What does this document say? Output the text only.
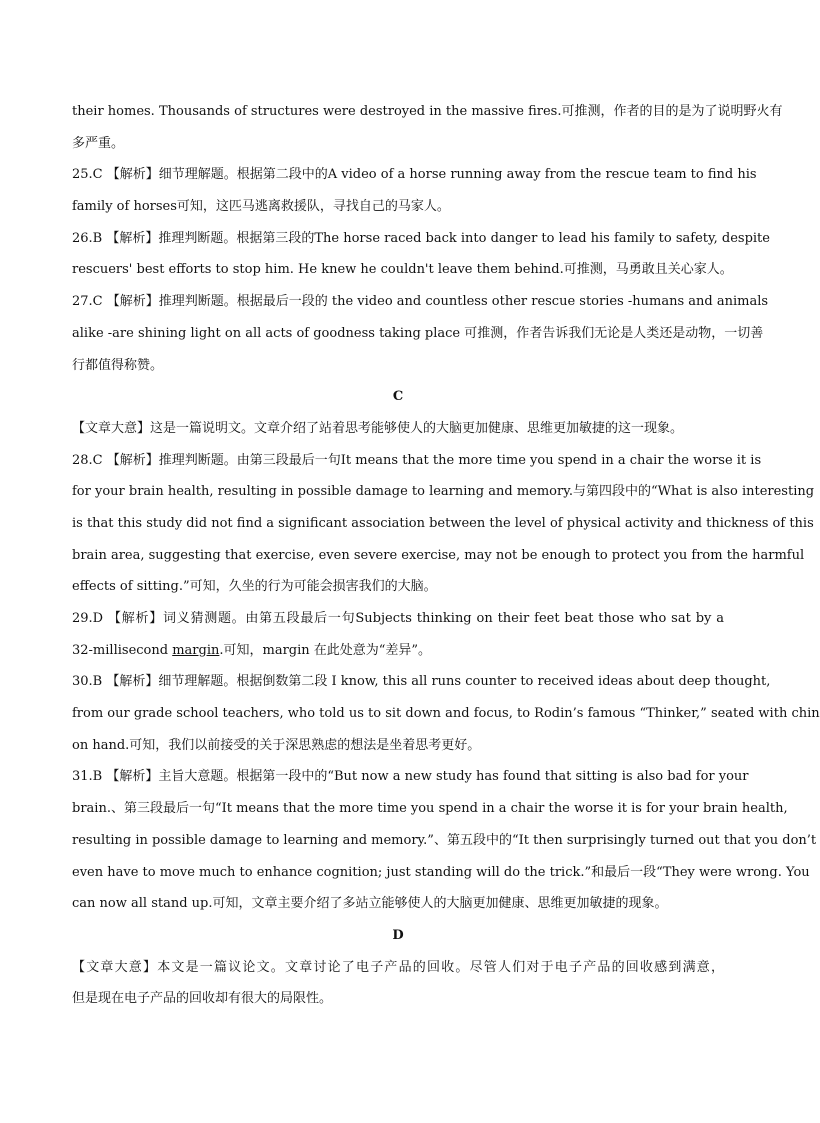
their homes. Thousands of structures were destroyed in the massive fires.可推测，作者的目的是为了说明野火有
多严重。
25.C 【解析】细节理解题。根据第二段中的A video of a horse running away from the rescue team to find his
family of horses可知，这匹马逃离救援队，寻找自己的马家人。
26.B 【解析】推理判断题。根据第三段的The horse raced back into danger to lead his family to safety, despite
rescuers' best efforts to stop him. He knew he couldn't leave them behind.可推测，马勇敢且关心家人。
27.C 【解析】推理判断题。根据最后一段的 the video and countless other rescue stories -humans and animals
alike -are shining light on all acts of goodness taking place 可推测，作者告诉我们无论是人类还是动物，一切善
行都值得称赞。
C
【文章大意】这是一篇说明文。文章介绍了站着思考能够使人的大脑更加健康、思维更加敏捷的这一现象。
28.C 【解析】推理判断题。由第三段最后一句It means that the more time you spend in a chair the worse it is
for your brain health, resulting in possible damage to learning and memory.与第四段中的“What is also interesting
is that this study did not find a significant association between the level of physical activity and thickness of this
brain area, suggesting that exercise, even severe exercise, may not be enough to protect you from the harmful
effects of sitting.”可知，久坐的行为可能会损害我们的大脑。
29.D 【解析】词义猜测题。由第五段最后一句Subjects thinking on their feet beat those who sat by a
32-millisecond margin.可知，margin 在此处意为“差异”。
30.B 【解析】细节理解题。根据倒数第二段 I know, this all runs counter to received ideas about deep thought,
from our grade school teachers, who told us to sit down and focus, to Rodin’s famous “Thinker,” seated with chin
on hand.可知，我们以前接受的关于深思熟虑的想法是坐着思考更好。
31.B 【解析】主旨大意题。根据第一段中的“But now a new study has found that sitting is also bad for your
brain.、第三段最后一句“It means that the more time you spend in a chair the worse it is for your brain health,
resulting in possible damage to learning and memory.”、第五段中的“It then surprisingly turned out that you don’t
even have to move much to enhance cognition; just standing will do the trick.”和最后一段“They were wrong. You
can now all stand up.可知，文章主要介绍了多站立能够使人的大脑更加健康、思维更加敏捷的现象。
D
【文章大意】本文是一篇议论文。文章讨论了电子产品的回收。尽管人们对于电子产品的回收感到满意，
但是现在电子产品的回收却有很大的局限性。
